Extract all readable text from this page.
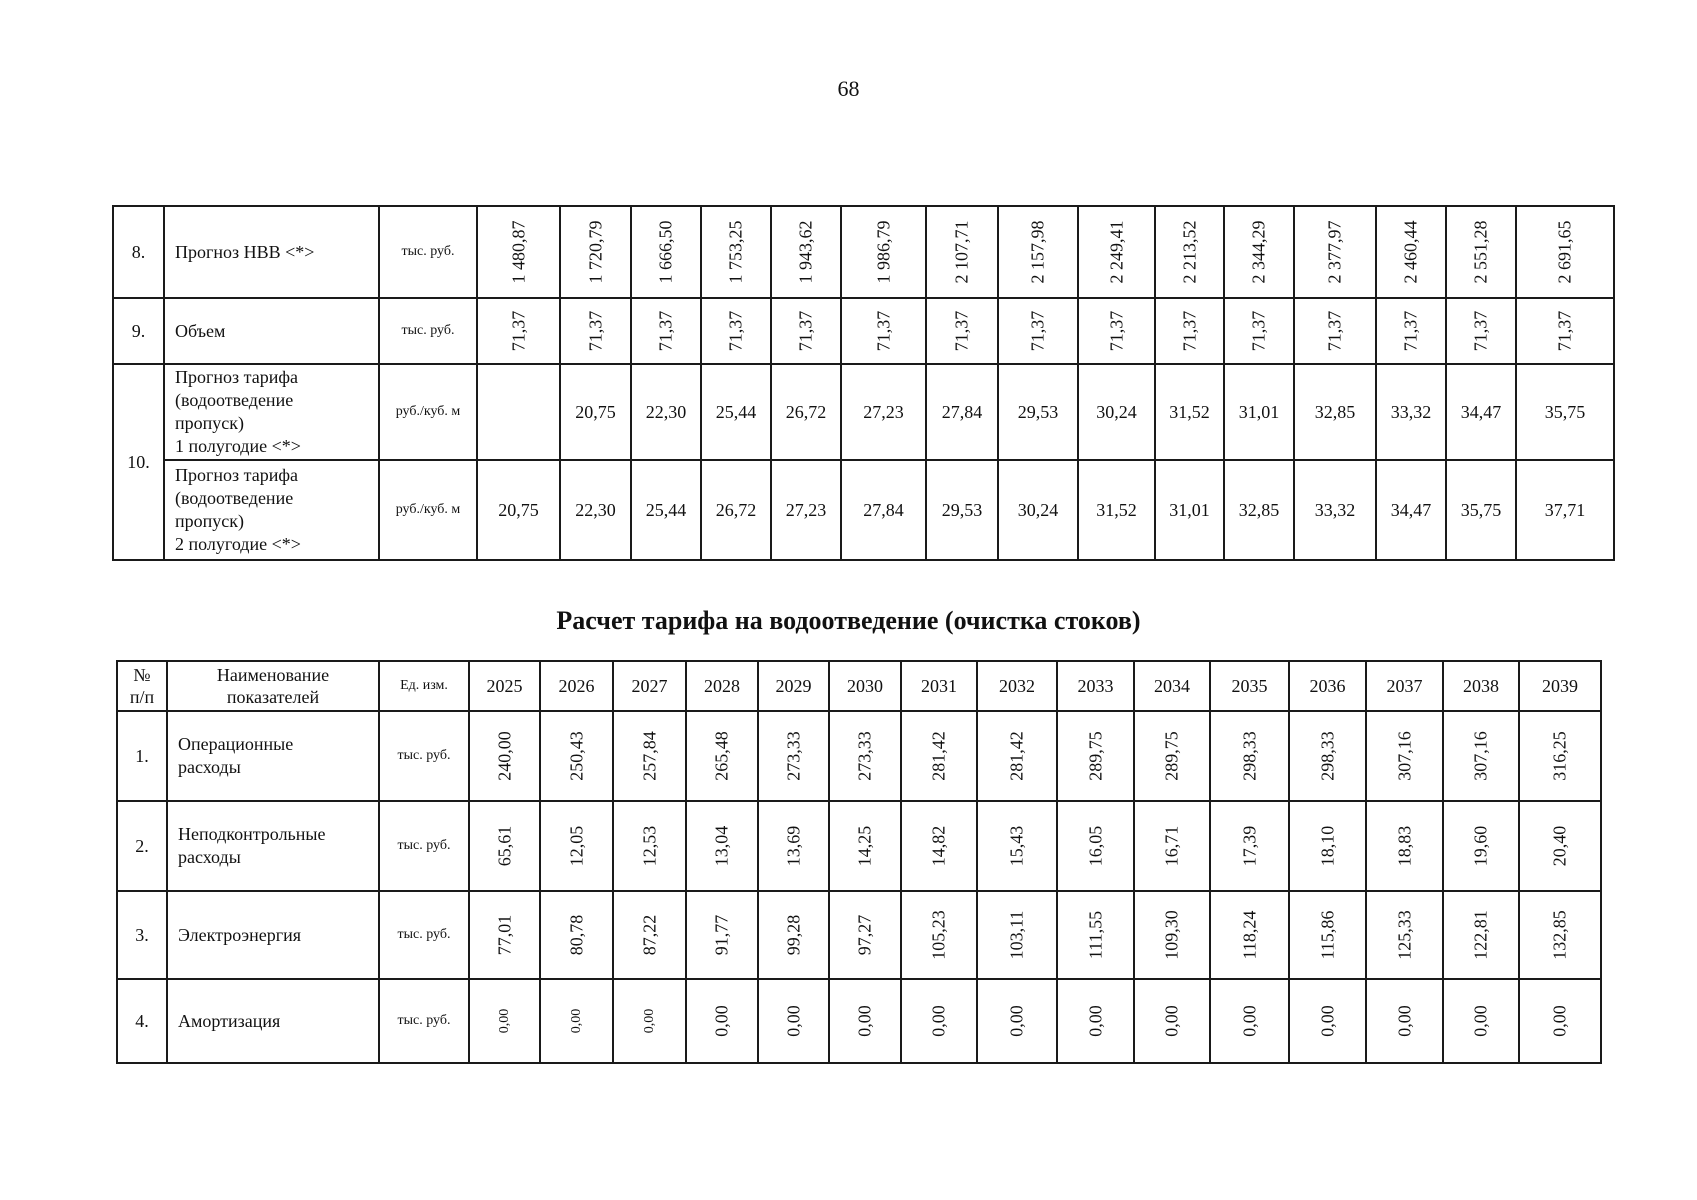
68
8.	Прогноз НВВ <*>	тыс. руб.	1 480,87	1 720,79	1 666,50	1 753,25	1 943,62	1 986,79	2 107,71	2 157,98	2 249,41	2 213,52	2 344,29	2 377,97	2 460,44	2 551,28	2 691,65

9.	Объем	тыс. руб.	71,37	71,37	71,37	71,37	71,37	71,37	71,37	71,37	71,37	71,37	71,37	71,37	71,37	71,37	71,37

10.	Прогноз тарифа
(водоотведение
пропуск)
1 полугодие <*>	руб./куб. м		20,75	22,30	25,44	26,72	27,23	27,84	29,53	30,24	31,52	31,01	32,85	33,32	34,47	35,75
	Прогноз тарифа
(водоотведение
пропуск)
2 полугодие <*>	руб./куб. м	20,75	22,30	25,44	26,72	27,23	27,84	29,53	30,24	31,52	31,01	32,85	33,32	34,47	35,75	37,71
Расчет тарифа на водоотведение (очистка стоков)
№
п/п	Наименование
показателей	Ед. изм.	2025	2026	2027	2028	2029	2030	2031	2032	2033	2034	2035	2036	2037	2038	2039
1.	Операционные
расходы	тыс. руб.	240,00	250,43	257,84	265,48	273,33	273,33	281,42	281,42	289,75	289,75	298,33	298,33	307,16	307,16	316,25

2.	Неподконтрольные
расходы	тыс. руб.	65,61	12,05	12,53	13,04	13,69	14,25	14,82	15,43	16,05	16,71	17,39	18,10	18,83	19,60	20,40

3.	Электроэнергия	тыс. руб.	77,01	80,78	87,22	91,77	99,28	97,27	105,23	103,11	111,55	109,30	118,24	115,86	125,33	122,81	132,85

4.	Амортизация	тыс. руб.	0,00	0,00	0,00	0,00	0,00	0,00	0,00	0,00	0,00	0,00	0,00	0,00	0,00	0,00	0,00
